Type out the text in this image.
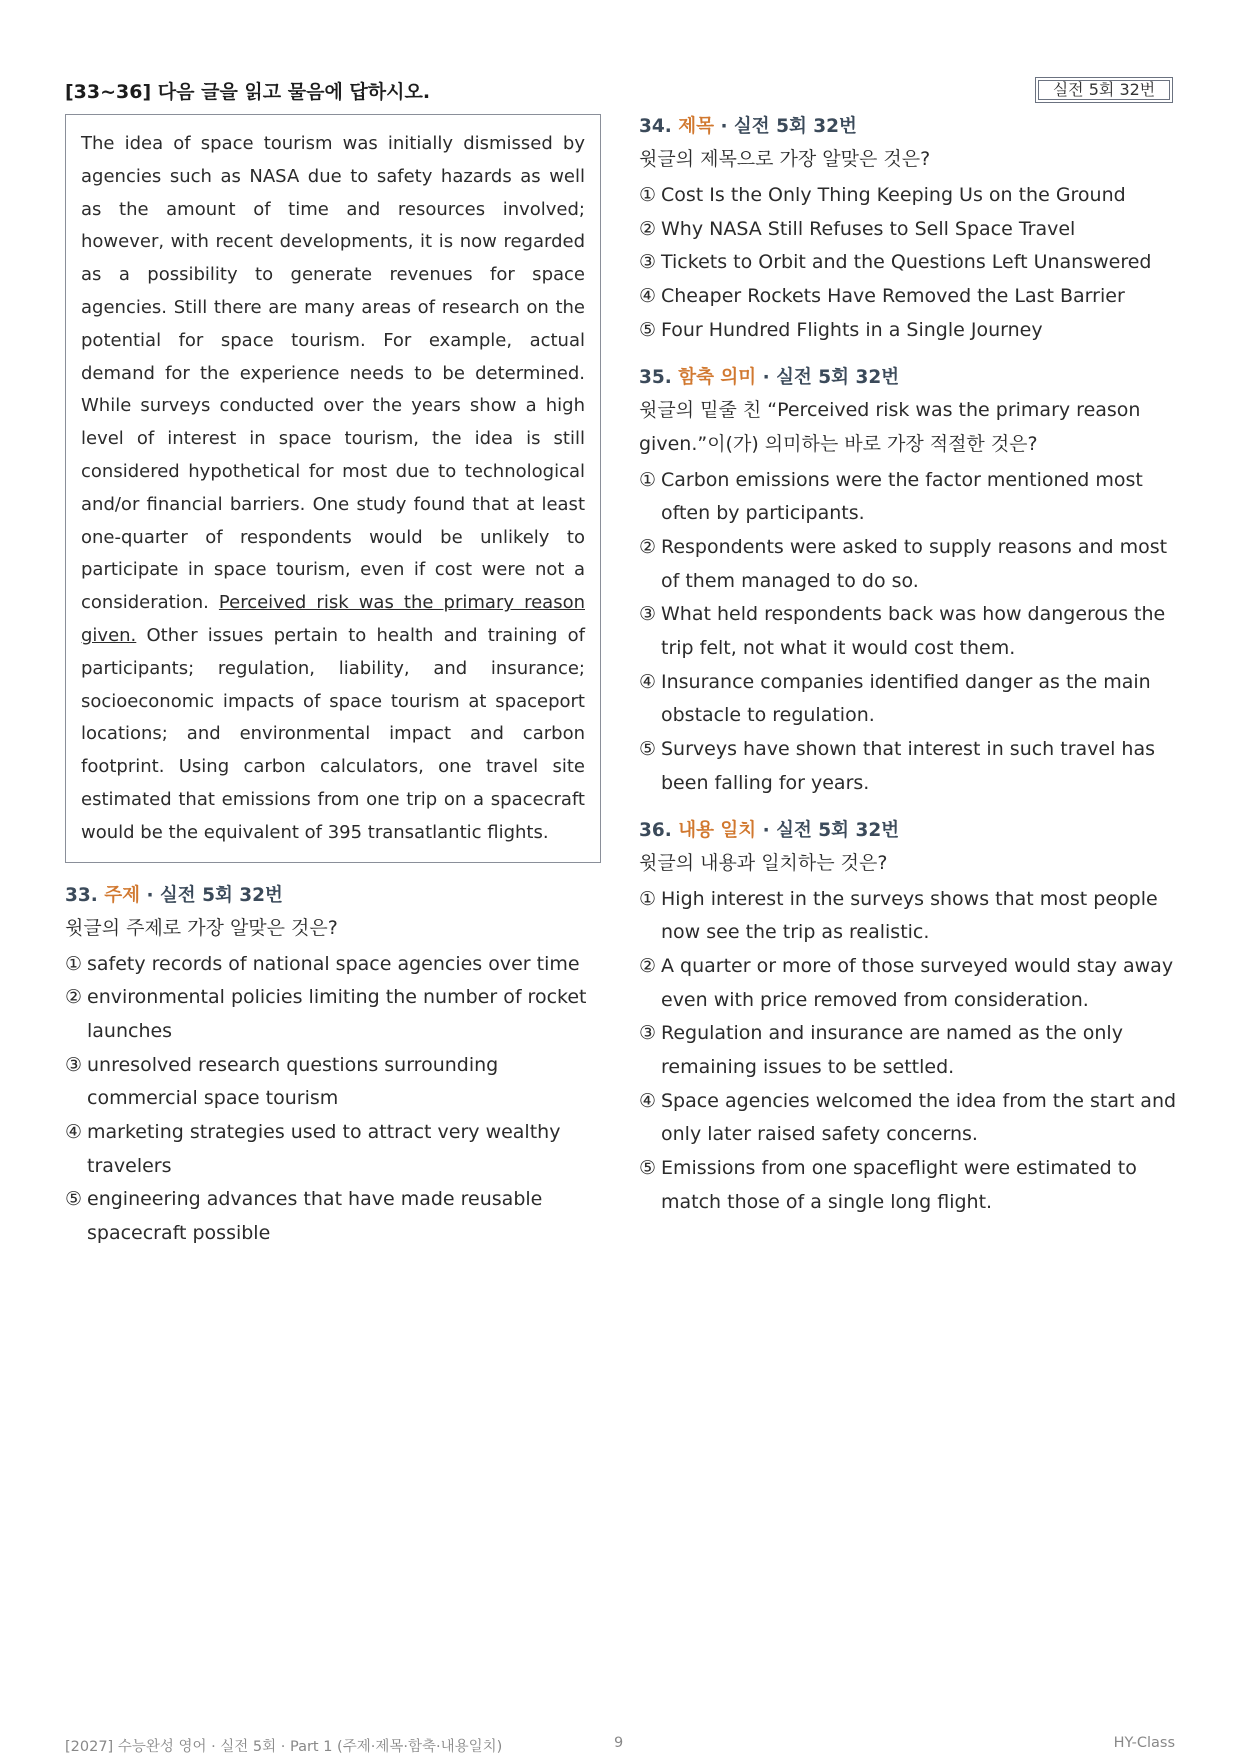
[33~36] 다음 글을 읽고 물음에 답하시오.	실전 5회 32번

The idea of space tourism was initially dismissed by agencies such as NASA due to safety hazards as well as the amount of time and resources involved; however, with recent developments, it is now regarded as a possibility to generate revenues for space agencies. Still there are many areas of research on the potential for space tourism. For example, actual demand for the experience needs to be determined. While surveys conducted over the years show a high level of interest in space tourism, the idea is still considered hypothetical for most due to technological and/or financial barriers. One study found that at least one-quarter of respondents would be unlikely to participate in space tourism, even if cost were not a consideration. Perceived risk was the primary reason given. Other issues pertain to health and training of participants; regulation, liability, and insurance; socioeconomic impacts of space tourism at spaceport locations; and environmental impact and carbon footprint. Using carbon calculators, one travel site estimated that emissions from one trip on a spacecraft would be the equivalent of 395 transatlantic flights.

33. 주제 · 실전 5회 32번
윗글의 주제로 가장 알맞은 것은?
① safety records of national space agencies over time
② environmental policies limiting the number of rocket launches
③ unresolved research questions surrounding commercial space tourism
④ marketing strategies used to attract very wealthy travelers
⑤ engineering advances that have made reusable spacecraft possible
34. 제목 · 실전 5회 32번
윗글의 제목으로 가장 알맞은 것은?
① Cost Is the Only Thing Keeping Us on the Ground
② Why NASA Still Refuses to Sell Space Travel
③ Tickets to Orbit and the Questions Left Unanswered
④ Cheaper Rockets Have Removed the Last Barrier
⑤ Four Hundred Flights in a Single Journey
35. 함축 의미 · 실전 5회 32번
윗글의 밑줄 친 “Perceived risk was the primary reason given.”이(가) 의미하는 바로 가장 적절한 것은?
① Carbon emissions were the factor mentioned most often by participants.
② Respondents were asked to supply reasons and most of them managed to do so.
③ What held respondents back was how dangerous the trip felt, not what it would cost them.
④ Insurance companies identified danger as the main obstacle to regulation.
⑤ Surveys have shown that interest in such travel has been falling for years.
36. 내용 일치 · 실전 5회 32번
윗글의 내용과 일치하는 것은?
① High interest in the surveys shows that most people now see the trip as realistic.
② A quarter or more of those surveyed would stay away even with price removed from consideration.
③ Regulation and insurance are named as the only remaining issues to be settled.
④ Space agencies welcomed the idea from the start and only later raised safety concerns.
⑤ Emissions from one spaceflight were estimated to match those of a single long flight.
[2027] 수능완성 영어 · 실전 5회 · Part 1 (주제·제목·함축·내용일치)	9	HY-Class
